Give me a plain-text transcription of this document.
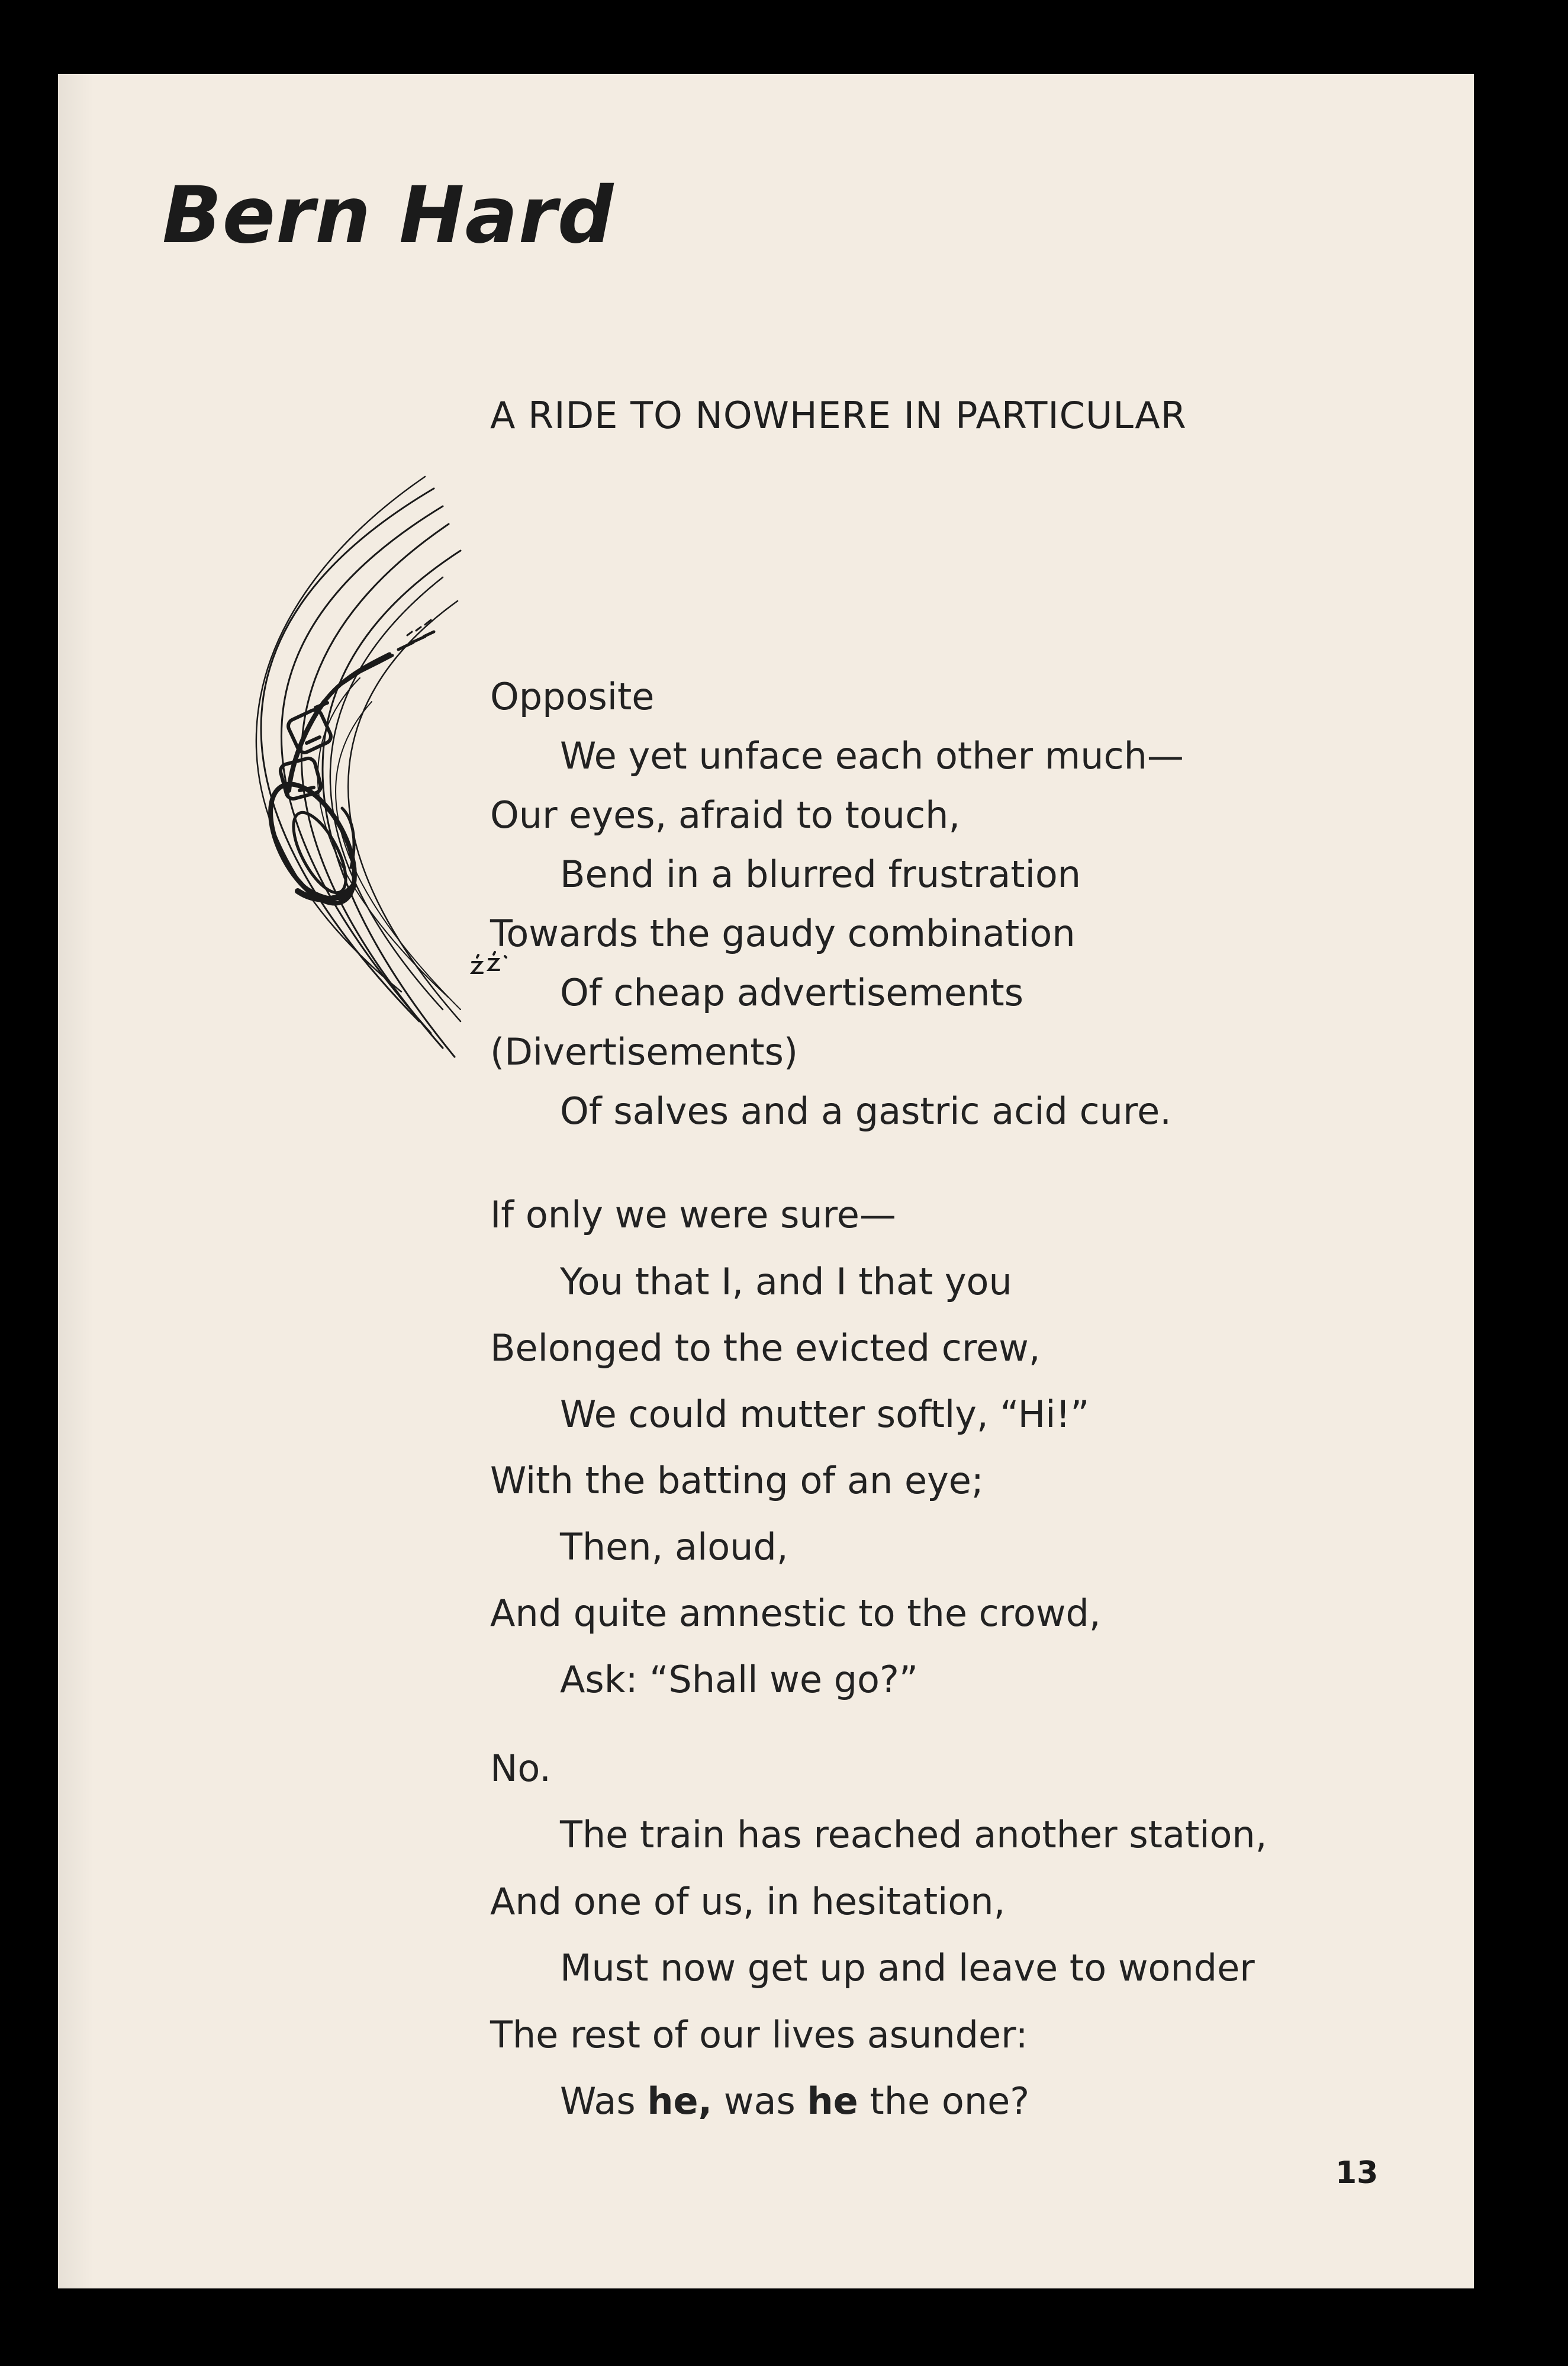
Bern Hard
A RIDE TO NOWHERE IN PARTICULAR
Opposite
We yet unface each other much—
Our eyes, afraid to touch,
Bend in a blurred frustration
Towards the gaudy combination
Of cheap advertisements
(Divertisements)
Of salves and a gastric acid cure.
If only we were sure—
You that I, and I that you
Belonged to the evicted crew,
We could mutter softly, “Hi!”
With the batting of an eye;
Then, aloud,
And quite amnestic to the crowd,
Ask: “Shall we go?”
No.
The train has reached another station,
And one of us, in hesitation,
Must now get up and leave to wonder
The rest of our lives asunder:
Was he, was he the one?
13
